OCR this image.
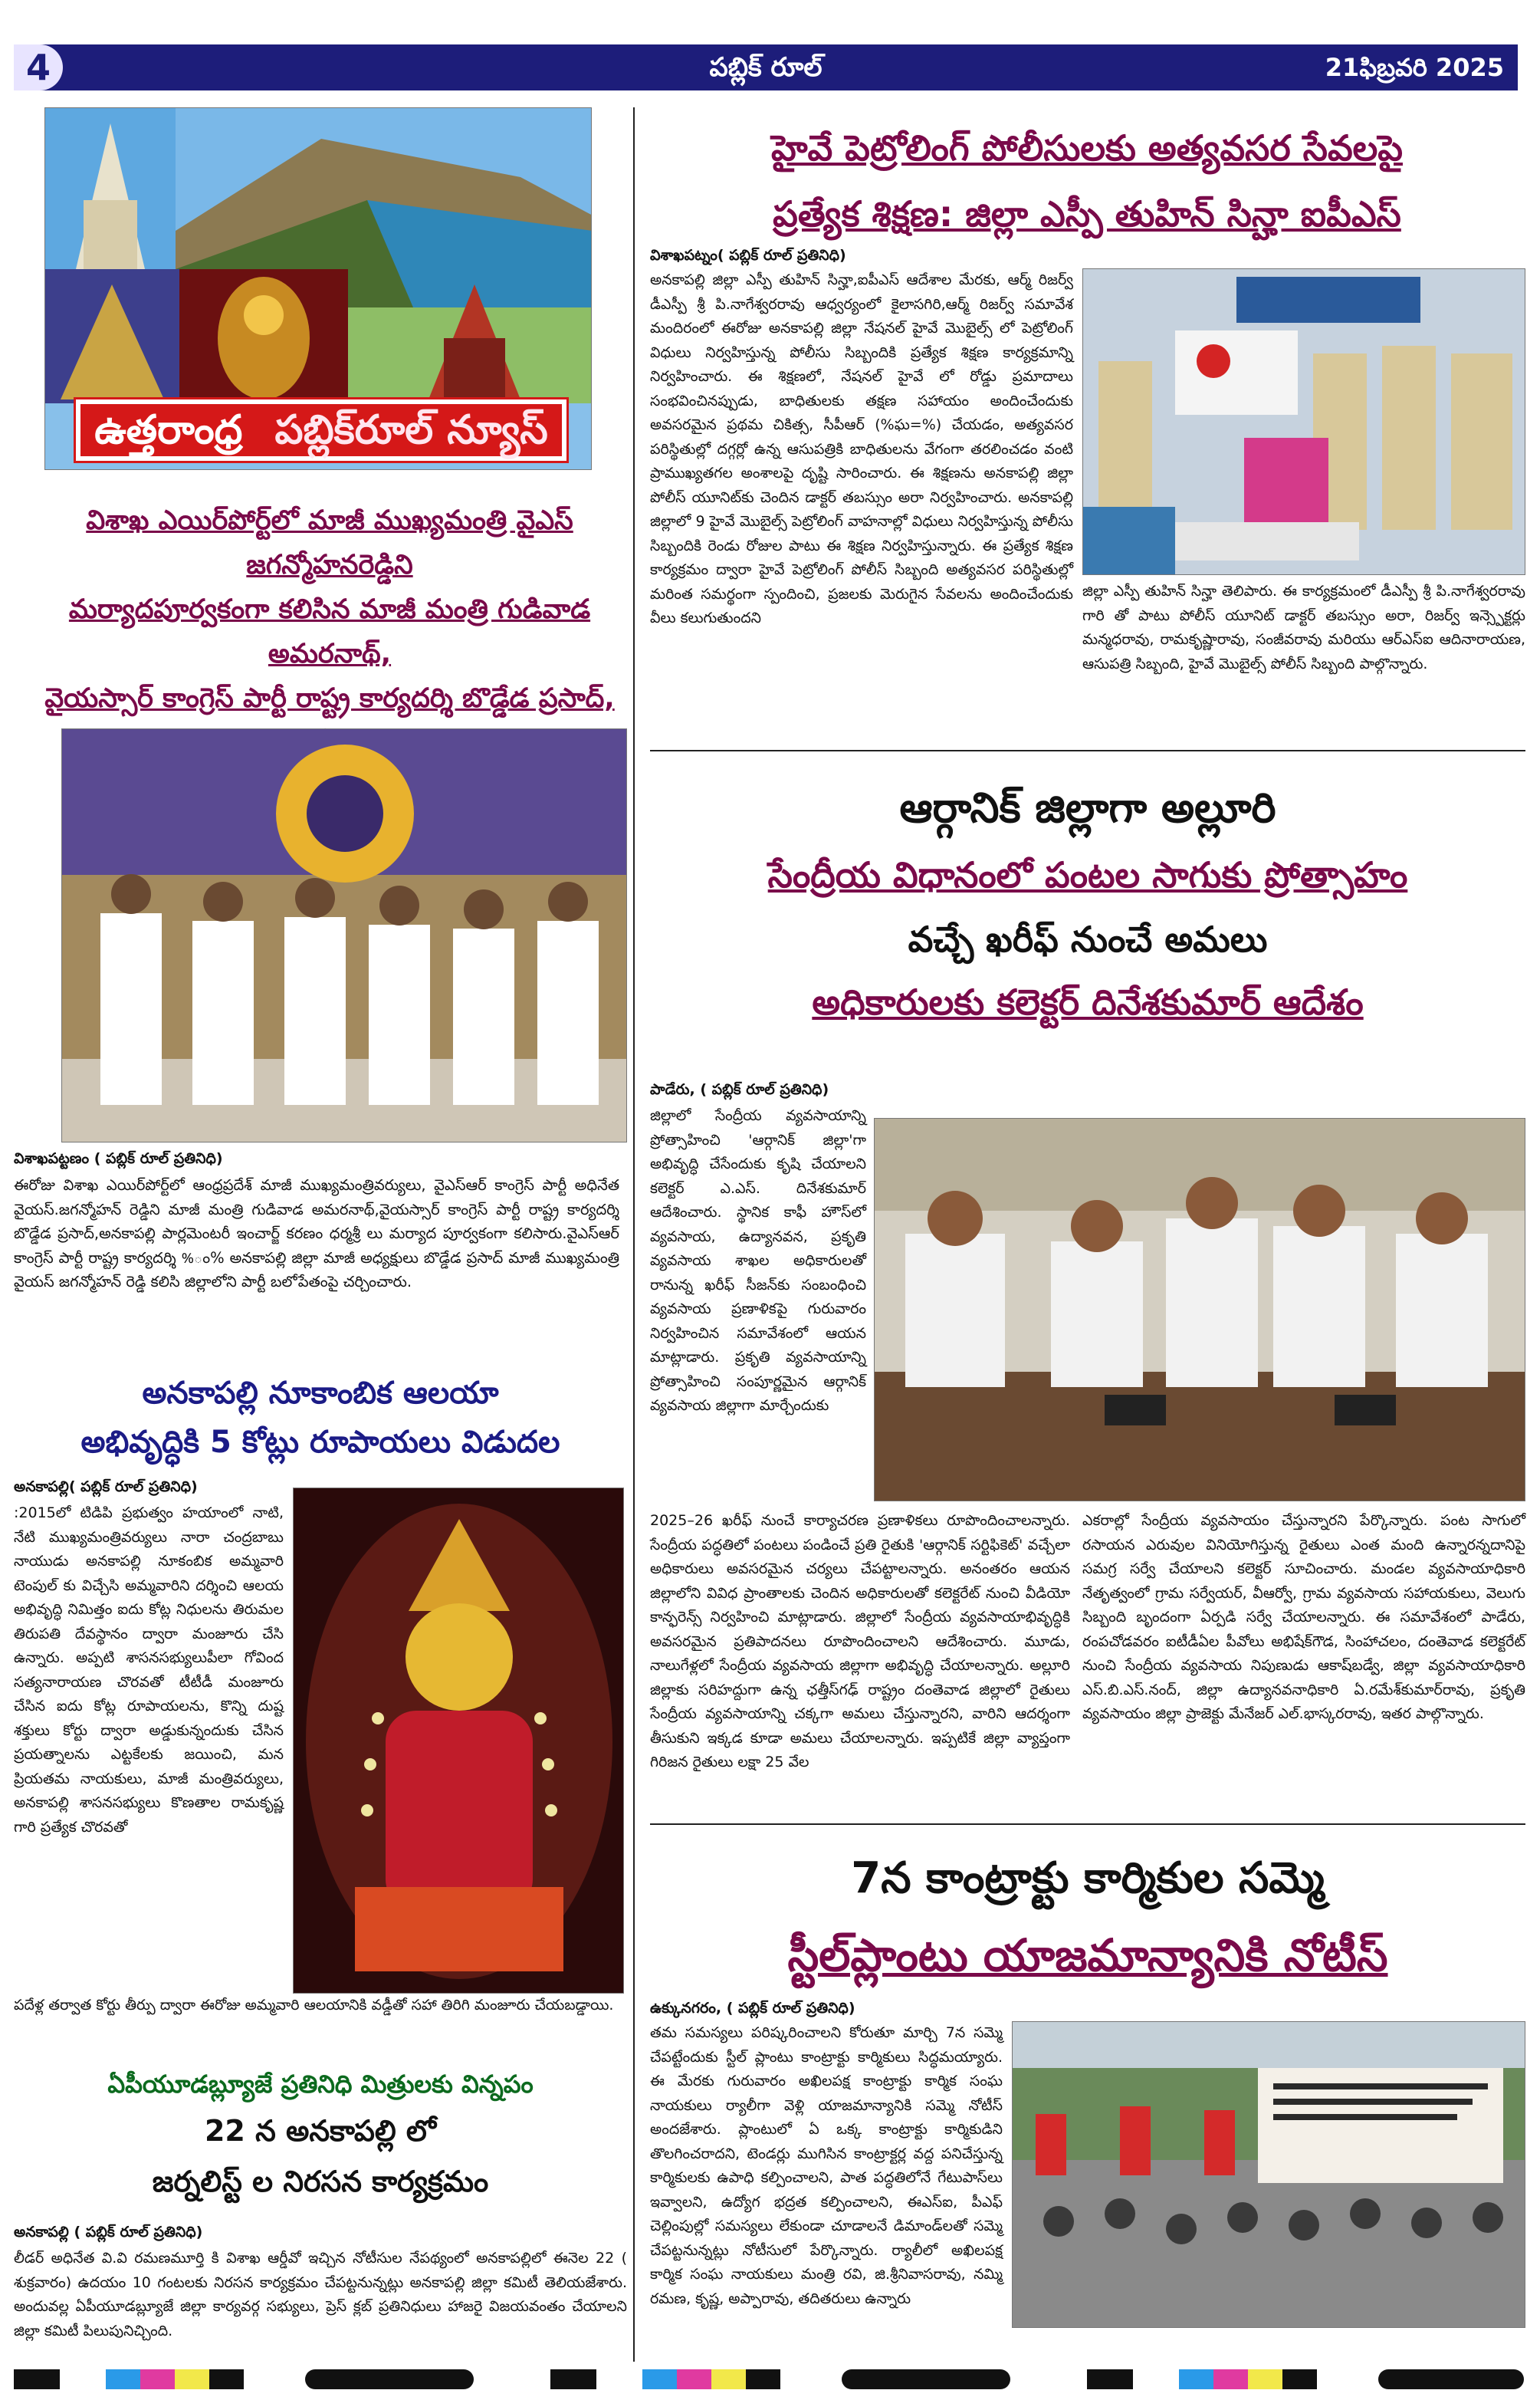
4	పబ్లిక్ రూల్	21ఫిబ్రవరి 2025
ఉత్తరాంధ్ర పబ్లిక్‌రూల్ న్యూస్
విశాఖ ఎయిర్‌పోర్ట్‌లో మాజీ ముఖ్యమంత్రి వైఎస్ జగన్మోహనరెడ్డిని
మర్యాదపూర్వకంగా కలిసిన మాజీ మంత్రి గుడివాడ అమరనాథ్,
వైయస్సార్ కాంగ్రెస్ పార్టీ రాష్ట్ర కార్యదర్శి బొడ్డేడ ప్రసాద్,
విశాఖపట్టణం ( పబ్లిక్ రూల్ ప్రతినిధి)
ఈరోజు విశాఖ ఎయిర్‌పోర్ట్‌లో ఆంధ్రప్రదేశ్ మాజీ ముఖ్యమంత్రివర్యులు, వైఎస్ఆర్ కాంగ్రెస్ పార్టీ అధినేత వైయస్.జగన్మోహన్ రెడ్డిని మాజీ మంత్రి గుడివాడ అమరనాథ్,వైయస్సార్ కాంగ్రెస్ పార్టీ రాష్ట్ర కార్యదర్శి బొడ్డేడ ప్రసాద్,అనకాపల్లి పార్లమెంటరీ ఇంచార్జ్ కరణం ధర్మశ్రీ లు మర్యాద పూర్వకంగా కలిసారు.వైఎస్ఆర్ కాంగ్రెస్ పార్టీ రాష్ట్ర కార్యదర్శి %ం% అనకాపల్లి జిల్లా మాజీ అధ్యక్షులు బొడ్డేడ ప్రసాద్ మాజీ ముఖ్యమంత్రి వైయస్ జగన్మోహన్ రెడ్డి కలిసి జిల్లాలోని పార్టీ బలోపేతంపై చర్చించారు.
అనకాపల్లి నూకాంబిక ఆలయా
అభివృద్ధికి 5 కోట్లు రూపాయలు విడుదల
అనకాపల్లి( పబ్లిక్ రూల్ ప్రతినిధి)
:2015లో టిడిపి ప్రభుత్వం హయాంలో నాటి, నేటి ముఖ్యమంత్రివర్యులు నారా చంద్రబాబు నాయుడు అనకాపల్లి నూకంబిక అమ్మవారి టెంపుల్ కు విచ్చేసి అమ్మవారిని దర్శించి ఆలయ అభివృద్ధి నిమిత్తం ఐదు కోట్ల నిధులను తిరుమల తిరుపతి దేవస్థానం ద్వారా మంజూరు చేసి ఉన్నారు. అప్పటి శాసనసభ్యులుపీలా గోవింద సత్యనారాయణ చొరవతో టీటీడీ మంజూరు చేసిన ఐదు కోట్ల రూపాయలను, కొన్ని దుష్ట శక్తులు కోర్టు ద్వారా అడ్డుకున్నందుకు చేసిన ప్రయత్నాలను ఎట్టకేలకు జయించి, మన ప్రియతమ నాయకులు, మాజీ మంత్రివర్యులు, అనకాపల్లి శాసనసభ్యులు కొణతాల రామకృష్ణ గారి ప్రత్యేక చొరవతో
పదేళ్ల తర్వాత కోర్టు తీర్పు ద్వారా ఈరోజు అమ్మవారి ఆలయానికి వడ్డీతో సహా తిరిగి మంజూరు చేయబడ్డాయి.
ఏపీయూడబ్ల్యూజే ప్రతినిధి మిత్రులకు విన్నపం
22 న అనకాపల్లి లో
జర్నలిస్ట్ ల నిరసన కార్యక్రమం
అనకాపల్లి ( పబ్లిక్ రూల్ ప్రతినిధి)
లీడర్ అధినేత వి.వి రమణమూర్తి కి విశాఖ ఆర్డీవో ఇచ్చిన నోటీసుల నేపథ్యంలో అనకాపల్లిలో ఈనెల 22 ( శుక్రవారం) ఉదయం 10 గంటలకు నిరసన కార్యక్రమం చేపట్టనున్నట్లు అనకాపల్లి జిల్లా కమిటీ తెలియజేశారు. అందువల్ల ఏపీయూడబ్ల్యూజే జిల్లా కార్యవర్గ సభ్యులు, ప్రెస్ క్లబ్ ప్రతినిధులు హాజరై విజయవంతం చేయాలని జిల్లా కమిటీ పిలుపునిచ్చింది.
హైవే పెట్రోలింగ్ పోలీసులకు అత్యవసర సేవలపై
ప్రత్యేక శిక్షణ: జిల్లా ఎస్పీ తుహిన్ సిన్హా ఐపీఎస్
విశాఖపట్నం( పబ్లిక్ రూల్ ప్రతినిధి)
అనకాపల్లి జిల్లా ఎస్పీ తుహిన్ సిన్హా,ఐపీఎస్ ఆదేశాల మేరకు, ఆర్మ్ రిజర్వ్ డీఎస్పీ శ్రీ పి.నాగేశ్వరరావు ఆధ్వర్యంలో కైలాసగిరి,ఆర్మ్ రిజర్వ్ సమావేశ మందిరంలో ఈరోజు అనకాపల్లి జిల్లా నేషనల్ హైవే మొబైల్స్ లో పెట్రోలింగ్ విధులు నిర్వహిస్తున్న పోలీసు సిబ్బందికి ప్రత్యేక శిక్షణ కార్యక్రమాన్ని నిర్వహించారు. ఈ శిక్షణలో, నేషనల్ హైవే లో రోడ్డు ప్రమాదాలు సంభవించినప్పుడు, బాధితులకు తక్షణ సహాయం అందించేందుకు అవసరమైన ప్రథమ చికిత్స, సీపీఆర్ (%ఘ=%) చేయడం, అత్యవసర పరిస్థితుల్లో దగ్గర్లో ఉన్న ఆసుపత్రికి బాధితులను వేగంగా తరలించడం వంటి ప్రాముఖ్యతగల అంశాలపై దృష్టి సారించారు. ఈ శిక్షణను అనకాపల్లి జిల్లా పోలీస్ యూనిట్‌కు చెందిన డాక్టర్ తబస్సుం అరా నిర్వహించారు. అనకాపల్లి జిల్లాలో 9 హైవే మొబైల్స్ పెట్రోలింగ్ వాహనాల్లో విధులు నిర్వహిస్తున్న పోలీసు సిబ్బందికి రెండు రోజుల పాటు ఈ శిక్షణ నిర్వహిస్తున్నారు. ఈ ప్రత్యేక శిక్షణ కార్యక్రమం ద్వారా హైవే పెట్రోలింగ్ పోలీస్ సిబ్బంది అత్యవసర పరిస్థితుల్లో మరింత సమర్థంగా స్పందించి, ప్రజలకు మెరుగైన సేవలను అందించేందుకు వీలు కలుగుతుందని
జిల్లా ఎస్పీ తుహిన్ సిన్హా తెలిపారు. ఈ కార్యక్రమంలో డీఎస్పీ శ్రీ పి.నాగేశ్వరరావు గారి తో పాటు పోలీస్ యూనిట్ డాక్టర్ తబస్సుం అరా, రిజర్వ్ ఇన్స్పెక్టర్లు మన్మధరావు, రామకృష్ణారావు, సంజీవరావు మరియు ఆర్ఎస్ఐ ఆదినారాయణ, ఆసుపత్రి సిబ్బంది, హైవే మొబైల్స్ పోలీస్ సిబ్బంది పాల్గొన్నారు.
ఆర్గానిక్ జిల్లాగా అల్లూరి
సేంద్రీయ విధానంలో పంటల సాగుకు ప్రోత్సాహం
వచ్చే ఖరీఫ్ నుంచే అమలు
అధికారులకు కలెక్టర్ దినేశకుమార్ ఆదేశం
పాడేరు, ( పబ్లిక్ రూల్ ప్రతినిధి)
జిల్లాలో సేంద్రీయ వ్యవసాయాన్ని ప్రోత్సాహించి 'ఆర్గానిక్ జిల్లా'గా అభివృద్ధి చేసేందుకు కృషి చేయాలని కలెక్టర్ ఎ.ఎస్. దినేశకుమార్ ఆదేశించారు. స్థానిక కాఫీ హౌస్‌లో వ్యవసాయ, ఉద్యానవన, ప్రకృతి వ్యవసాయ శాఖల అధికారులతో రానున్న ఖరీఫ్ సీజన్‌కు సంబంధించి వ్యవసాయ ప్రణాళికపై గురువారం నిర్వహించిన సమావేశంలో ఆయన మాట్లాడారు. ప్రకృతి వ్యవసాయాన్ని ప్రోత్సాహించి సంపూర్ణమైన ఆర్గానిక్ వ్యవసాయ జిల్లాగా మార్చేందుకు
2025–26 ఖరీఫ్ నుంచే కార్యాచరణ ప్రణాళికలు రూపొందించాలన్నారు. సేంద్రీయ పద్ధతిలో పంటలు పండించే ప్రతి రైతుకి 'ఆర్గానిక్ సర్టిఫికెట్' వచ్చేలా అధికారులు అవసరమైన చర్యలు చేపట్టాలన్నారు. అనంతరం ఆయన జిల్లాలోని వివిధ ప్రాంతాలకు చెందిన అధికారులతో కలెక్టరేట్ నుంచి వీడియో కాన్ఫరెన్స్ నిర్వహించి మాట్లాడారు. జిల్లాలో సేంద్రీయ వ్యవసాయాభివృద్ధికి అవసరమైన ప్రతిపాదనలు రూపొందించాలని ఆదేశించారు. మూడు, నాలుగేళ్లలో సేంద్రీయ వ్యవసాయ జిల్లాగా అభివృద్ధి చేయాలన్నారు. అల్లూరి జిల్లాకు సరిహద్దుగా ఉన్న ఛత్తీస్‌గఢ్ రాష్ట్రం దంతెవాడ జిల్లాలో రైతులు సేంద్రీయ వ్యవసాయాన్ని చక్కగా అమలు చేస్తున్నారని, వారిని ఆదర్శంగా తీసుకుని ఇక్కడ కూడా అమలు చేయాలన్నారు. ఇప్పటికే జిల్లా వ్యాప్తంగా గిరిజన రైతులు లక్షా 25 వేల
ఎకరాల్లో సేంద్రీయ వ్యవసాయం చేస్తున్నారని పేర్కొన్నారు. పంట సాగులో రసాయన ఎరువుల వినియోగిస్తున్న రైతులు ఎంత మంది ఉన్నారన్నదానిపై సమగ్ర సర్వే చేయాలని కలెక్టర్ సూచించారు. మండల వ్యవసాయాధికారి నేతృత్వంలో గ్రామ సర్వేయర్, వీఆర్వో, గ్రామ వ్యవసాయ సహాయకులు, వెలుగు సిబ్బంది బృందంగా ఏర్పడి సర్వే చేయాలన్నారు. ఈ సమావేశంలో పాడేరు, రంపచోడవరం ఐటీడీఏల పీవోలు అభిషేక్‌గౌడ, సింహాచలం, దంతెవాడ కలెక్టరేట్ నుంచి సేంద్రీయ వ్యవసాయ నిపుణుడు ఆకాష్‌బడ్వే, జిల్లా వ్యవసాయాధికారి ఎస్.బి.ఎస్.నంద్, జిల్లా ఉద్యానవనాధికారి ఏ.రమేశ్‌కుమార్‌రావు, ప్రకృతి వ్యవసాయం జిల్లా ప్రాజెక్టు మేనేజర్ ఎల్.భాస్కరరావు, ఇతర పాల్గొన్నారు.
7న కాంట్రాక్టు కార్మికుల సమ్మె
స్టీల్‌ప్లాంటు యాజమాన్యానికి నోటీస్
ఉక్కునగరం, ( పబ్లిక్ రూల్ ప్రతినిధి)
తమ సమస్యలు పరిష్కరించాలని కోరుతూ మార్చి 7న సమ్మె చేపట్టేందుకు స్టీల్ ప్లాంటు కాంట్రాక్టు కార్మికులు సిద్ధమయ్యారు. ఈ మేరకు గురువారం అఖిలపక్ష కాంట్రాక్టు కార్మిక సంఘ నాయకులు ర్యాలీగా వెళ్లి యాజమాన్యానికి సమ్మె నోటీస్ అందజేశారు. ప్లాంటులో ఏ ఒక్క కాంట్రాక్టు కార్మికుడిని తొలగించరాదని, టెండర్లు ముగిసిన కాంట్రాక్టర్ల వద్ద పనిచేస్తున్న కార్మికులకు ఉపాధి కల్పించాలని, పాత పద్ధతిలోనే గేటుపాస్‌లు ఇవ్వాలని, ఉద్యోగ భద్రత కల్పించాలని, ఈఎస్ఐ, పీఎఫ్ చెల్లింపుల్లో సమస్యలు లేకుండా చూడాలనే డిమాండ్‌లతో సమ్మె చేపట్టనున్నట్లు నోటీసులో పేర్కొన్నారు. ర్యాలీలో అఖిలపక్ష కార్మిక సంఘ నాయకులు మంత్రి రవి, జి.శ్రీనివాసరావు, నమ్మి రమణ, కృష్ణ, అప్పారావు, తదితరులు ఉన్నారు
